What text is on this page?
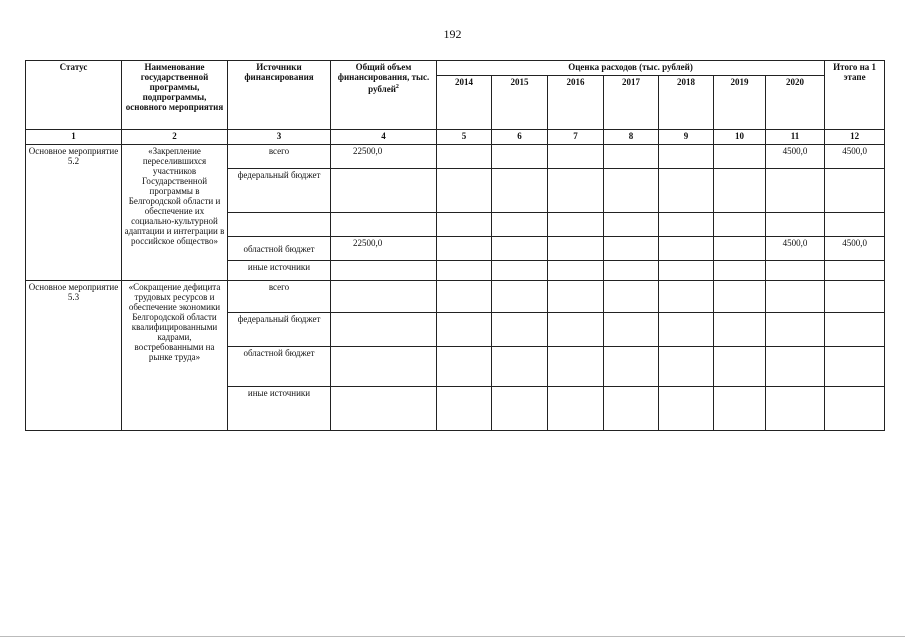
192
Статус	Наименование государственной программы, подпрограммы, основного мероприятия	Источники финансирования	Общий объем финансирования, тыс. рублей$^2$	Оценка расходов (тыс. рублей)							Итого на 1 этапе
				2014	2015	2016	2017	2018	2019	2020	
1	2	3	4	5	6	7	8	9	10	11	12
Основное мероприятие 5.2	«Закрепление переселившихся участников Государственной программы в Белгородской области и обеспечение их социально-культурной адаптации и интеграции в российское общество»	всего	22500,0							4500,0	4500,0
		федеральный бюджет									

		областной бюджет	22500,0							4500,0	4500,0
		иные источники									
Основное мероприятие 5.3	«Сокращение дефицита трудовых ресурсов и обеспечение экономики Белгородской области квалифицированными кадрами, востребованными на рынке труда»	всего									
		федеральный бюджет									
		областной бюджет									
		иные источники									
